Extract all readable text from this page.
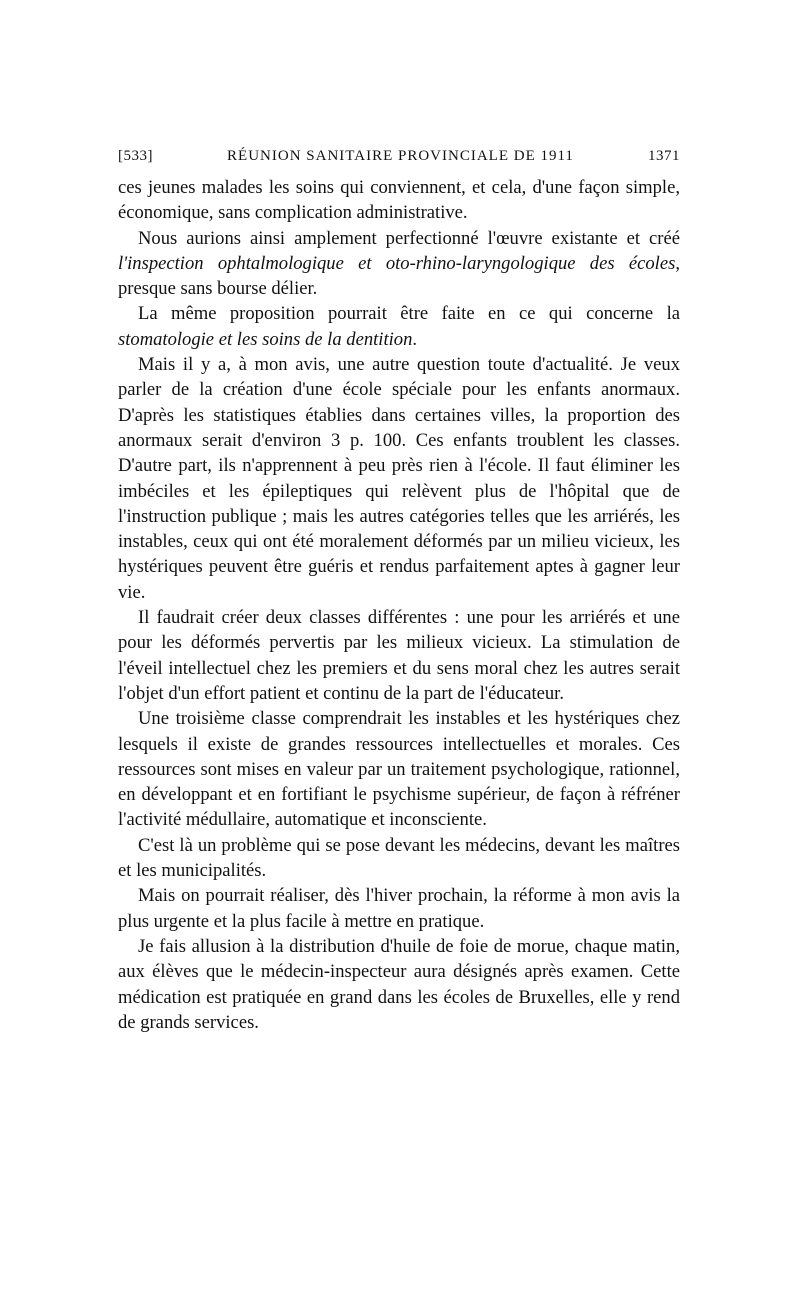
[533]	RÉUNION SANITAIRE PROVINCIALE DE 1911	1371

ces jeunes malades les soins qui conviennent, et cela, d'une façon simple, économique, sans complication administrative.

Nous aurions ainsi amplement perfectionné l'œuvre existante et créé l'inspection ophtalmologique et oto-rhino-laryngologique des écoles, presque sans bourse délier.

La même proposition pourrait être faite en ce qui concerne la stomatologie et les soins de la dentition.

Mais il y a, à mon avis, une autre question toute d'actualité. Je veux parler de la création d'une école spéciale pour les enfants anormaux. D'après les statistiques établies dans certaines villes, la proportion des anormaux serait d'environ 3 p. 100. Ces enfants troublent les classes. D'autre part, ils n'apprennent à peu près rien à l'école. Il faut éliminer les imbéciles et les épileptiques qui relèvent plus de l'hôpital que de l'instruction publique ; mais les autres catégories telles que les arriérés, les instables, ceux qui ont été moralement déformés par un milieu vicieux, les hystériques peuvent être guéris et rendus parfaitement aptes à gagner leur vie.

Il faudrait créer deux classes différentes : une pour les arriérés et une pour les déformés pervertis par les milieux vicieux. La stimulation de l'éveil intellectuel chez les premiers et du sens moral chez les autres serait l'objet d'un effort patient et continu de la part de l'éducateur.

Une troisième classe comprendrait les instables et les hystériques chez lesquels il existe de grandes ressources intellectuelles et morales. Ces ressources sont mises en valeur par un traitement psychologique, rationnel, en développant et en fortifiant le psychisme supérieur, de façon à réfréner l'activité médullaire, automatique et inconsciente.

C'est là un problème qui se pose devant les médecins, devant les maîtres et les municipalités.

Mais on pourrait réaliser, dès l'hiver prochain, la réforme à mon avis la plus urgente et la plus facile à mettre en pratique.

Je fais allusion à la distribution d'huile de foie de morue, chaque matin, aux élèves que le médecin-inspecteur aura désignés après examen. Cette médication est pratiquée en grand dans les écoles de Bruxelles, elle y rend de grands services.
